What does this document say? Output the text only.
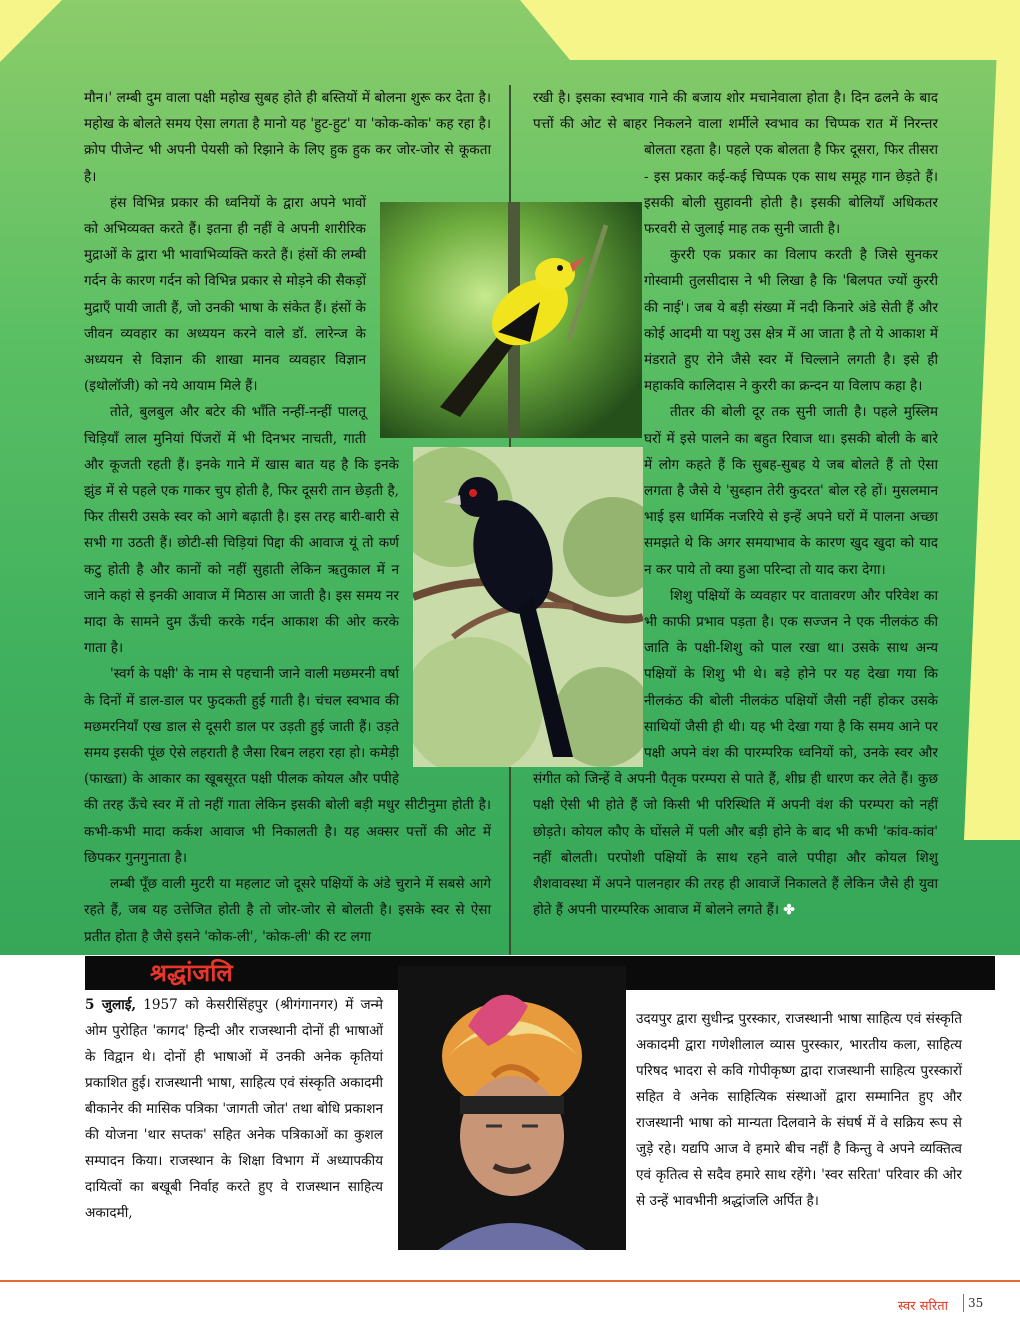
मौन।' लम्बी दुम वाला पक्षी महोख सुबह होते ही बस्तियों में बोलना शुरू कर देता है। महोख के बोलते समय ऐसा लगता है मानो यह 'हुट-हुट' या 'कोक-कोक' कह रहा है। क्रोप पीजेन्ट भी अपनी पेयसी को रिझाने के लिए हुक हुक कर जोर-जोर से कूकता है।

हंस विभिन्न प्रकार की ध्वनियों के द्वारा अपने भावों को अभिव्यक्त करते हैं। इतना ही नहीं वे अपनी शारीरिक मुद्राओं के द्वारा भी भावाभिव्यक्ति करते हैं। हंसों की लम्बी गर्दन के कारण गर्दन को विभिन्न प्रकार से मोड़ने की सैकड़ों मुद्राएँ पायी जाती हैं, जो उनकी भाषा के संकेत हैं। हंसों के जीवन व्यवहार का अध्ययन करने वाले डॉ. लारेन्ज के अध्ययन से विज्ञान की शाखा मानव व्यवहार विज्ञान (इथोलॉजी) को नये आयाम मिले हैं।

तोते, बुलबुल और बटेर की भाँति नन्हीं-नन्हीं पालतू चिड़ियाँ लाल मुनियां पिंजरों में भी दिनभर नाचती, गाती और कूजती रहती हैं। इनके गाने में खास बात यह है कि इनके झुंड में से पहले एक गाकर चुप होती है, फिर दूसरी तान छेड़ती है, फिर तीसरी उसके स्वर को आगे बढ़ाती है। इस तरह बारी-बारी से सभी गा उठती हैं। छोटी-सी चिड़ियां पिद्दा की आवाज यूं तो कर्ण कटु होती है और कानों को नहीं सुहाती लेकिन ऋतुकाल में न जाने कहां से इनकी आवाज में मिठास आ जाती है। इस समय नर मादा के सामने दुम ऊँची करके गर्दन आकाश की ओर करके गाता है।

'स्वर्ग के पक्षी' के नाम से पहचानी जाने वाली मछमरनी वर्षा के दिनों में डाल-डाल पर फुदकती हुई गाती है। चंचल स्वभाव की मछमरनियाँ एख डाल से दूसरी डाल पर उड़ती हुई जाती हैं। उड़ते समय इसकी पूंछ ऐसे लहराती है जैसा रिबन लहरा रहा हो। कमेड़ी (फाख्ता) के आकार का खूबसूरत पक्षी पीलक कोयल और पपीहे की तरह ऊँचे स्वर में तो नहीं गाता लेकिन इसकी बोली बड़ी मधुर सीटीनुमा होती है। कभी-कभी मादा कर्कश आवाज भी निकालती है। यह अक्सर पत्तों की ओट में छिपकर गुनगुनाता है।

लम्बी पूँछ वाली मुटरी या महलाट जो दूसरे पक्षियों के अंडे चुराने में सबसे आगे रहते हैं, जब यह उत्तेजित होती है तो जोर-जोर से बोलती है। इसके स्वर से ऐसा प्रतीत होता है जैसे इसने 'कोक-ली', 'कोक-ली' की रट लगा

रखी है। इसका स्वभाव गाने की बजाय शोर मचानेवाला होता है। दिन ढलने के बाद पत्तों की ओट से बाहर निकलने वाला शर्मीले स्वभाव का चिप्पक रात में निरन्तर बोलता रहता है। पहले एक बोलता है फिर दूसरा, फिर तीसरा - इस प्रकार कई-कई चिप्पक एक साथ समूह गान छेड़ते हैं। इसकी बोली सुहावनी होती है। इसकी बोलियाँ अधिकतर फरवरी से जुलाई माह तक सुनी जाती है।

कुररी एक प्रकार का विलाप करती है जिसे सुनकर गोस्वामी तुलसीदास ने भी लिखा है कि 'बिलपत ज्यों कुररी की नाई'। जब ये बड़ी संख्या में नदी किनारे अंडे सेती हैं और कोई आदमी या पशु उस क्षेत्र में आ जाता है तो ये आकाश में मंडराते हुए रोने जैसे स्वर में चिल्लाने लगती है। इसे ही महाकवि कालिदास ने कुररी का क्रन्दन या विलाप कहा है।

तीतर की बोली दूर तक सुनी जाती है। पहले मुस्लिम घरों में इसे पालने का बहुत रिवाज था। इसकी बोली के बारे में लोग कहते हैं कि सुबह-सुबह ये जब बोलते हैं तो ऐसा लगता है जैसे ये 'सुब्हान तेरी कुदरत' बोल रहे हों। मुसलमान भाई इस धार्मिक नजरिये से इन्हें अपने घरों में पालना अच्छा समझते थे कि अगर समयाभाव के कारण खुद खुदा को याद न कर पाये तो क्या हुआ परिन्दा तो याद करा देगा।

शिशु पक्षियों के व्यवहार पर वातावरण और परिवेश का भी काफी प्रभाव पड़ता है। एक सज्जन ने एक नीलकंठ की जाति के पक्षी-शिशु को पाल रखा था। उसके साथ अन्य पक्षियों के शिशु भी थे। बड़े होने पर यह देखा गया कि नीलकंठ की बोली नीलकंठ पक्षियों जैसी नहीं होकर उसके साथियों जैसी ही थी। यह भी देखा गया है कि समय आने पर पक्षी अपने वंश की पारम्परिक ध्वनियों को, उनके स्वर और संगीत को जिन्हें वे अपनी पैतृक परम्परा से पाते हैं, शीघ्र ही धारण कर लेते हैं। कुछ पक्षी ऐसी भी होते हैं जो किसी भी परिस्थिति में अपनी वंश की परम्परा को नहीं छोड़ते। कोयल कौए के घोंसले में पली और बड़ी होने के बाद भी कभी 'कांव-कांव' नहीं बोलती। परपोशी पक्षियों के साथ रहने वाले पपीहा और कोयल शिशु शैशवावस्था में अपने पालनहार की तरह ही आवाजें निकालते हैं लेकिन जैसे ही युवा होते हैं अपनी पारम्परिक आवाज में बोलने लगते हैं। ✤

श्रद्धांजलि

5 जुलाई, 1957 को केसरीसिंहपुर (श्रीगंगानगर) में जन्मे ओम पुरोहित 'कागद' हिन्दी और राजस्थानी दोनों ही भाषाओं के विद्वान थे। दोनों ही भाषाओं में उनकी अनेक कृतियां प्रकाशित हुई। राजस्थानी भाषा, साहित्य एवं संस्कृति अकादमी बीकानेर की मासिक पत्रिका 'जागती जोत' तथा बोधि प्रकाशन की योजना 'थार सप्तक' सहित अनेक पत्रिकाओं का कुशल सम्पादन किया। राजस्थान के शिक्षा विभाग में अध्यापकीय दायित्वों का बखूबी निर्वाह करते हुए वे राजस्थान साहित्य अकादमी,

उदयपुर द्वारा सुधीन्द्र पुरस्कार, राजस्थानी भाषा साहित्य एवं संस्कृति अकादमी द्वारा गणेशीलाल व्यास पुरस्कार, भारतीय कला, साहित्य परिषद भादरा से कवि गोपीकृष्ण द्वादा राजस्थानी साहित्य पुरस्कारों सहित वे अनेक साहित्यिक संस्थाओं द्वारा सम्मानित हुए और राजस्थानी भाषा को मान्यता दिलवाने के संघर्ष में वे सक्रिय रूप से जुड़े रहे। यद्यपि आज वे हमारे बीच नहीं है किन्तु वे अपने व्यक्तित्व एवं कृतित्व से सदैव हमारे साथ रहेंगे। 'स्वर सरिता' परिवार की ओर से उन्हें भावभीनी श्रद्धांजलि अर्पित है।

स्वर सरिता 35
